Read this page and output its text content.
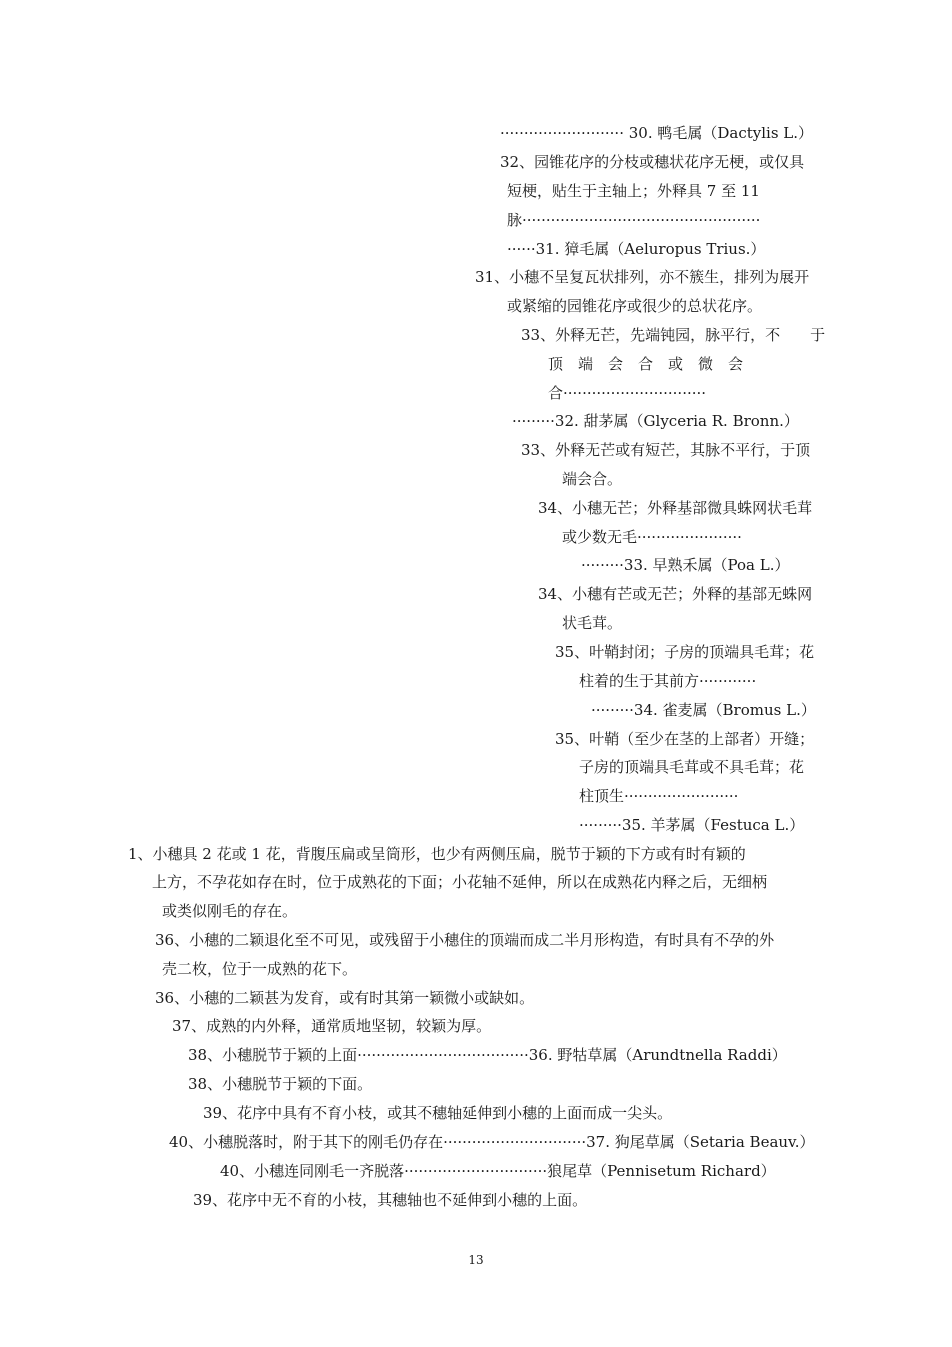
·························· 30. 鸭毛属（Dactylis L.）
32、园锥花序的分枝或穗状花序无梗，或仅具
短梗，贴生于主轴上；外释具 7 至 11
脉··················································
······31. 獐毛属（Aeluropus Trius.）
31、小穗不呈复瓦状排列，亦不簇生，排列为展开
或紧缩的园锥花序或很少的总状花序。
33、外释无芒，先端钝园，脉平行，不　　于
顶　端　会　合　或　微　会
合······························
·········32. 甜茅属（Glyceria R. Bronn.）
33、外释无芒或有短芒，其脉不平行，于顶
端会合。
34、小穗无芒；外释基部微具蛛网状毛茸
或少数无毛······················
·········33. 早熟禾属（Poa L.）
34、小穗有芒或无芒；外释的基部无蛛网
状毛茸。
35、叶鞘封闭；子房的顶端具毛茸；花
柱着的生于其前方············
·········34. 雀麦属（Bromus L.）
35、叶鞘（至少在茎的上部者）开缝；
子房的顶端具毛茸或不具毛茸；花
柱顶生························
·········35. 羊茅属（Festuca L.）
1、小穗具 2 花或 1 花，背腹压扁或呈筒形，也少有两侧压扁，脱节于颖的下方或有时有颖的
上方，不孕花如存在时，位于成熟花的下面；小花轴不延伸，所以在成熟花内释之后，无细柄
或类似刚毛的存在。
36、小穗的二颖退化至不可见，或残留于小穗住的顶端而成二半月形构造，有时具有不孕的外
壳二枚，位于一成熟的花下。
36、小穗的二颖甚为发育，或有时其第一颖微小或缺如。
37、成熟的内外释，通常质地坚韧，较颖为厚。
38、小穗脱节于颖的上面····································36. 野牯草属（Arundtnella Raddi）
38、小穗脱节于颖的下面。
39、花序中具有不育小枝，或其不穗轴延伸到小穗的上面而成一尖头。
40、小穗脱落时，附于其下的刚毛仍存在······························37. 狗尾草属（Setaria Beauv.）
40、小穗连同刚毛一齐脱落······························狼尾草（Pennisetum Richard）
39、花序中无不育的小枝，其穗轴也不延伸到小穗的上面。
13
